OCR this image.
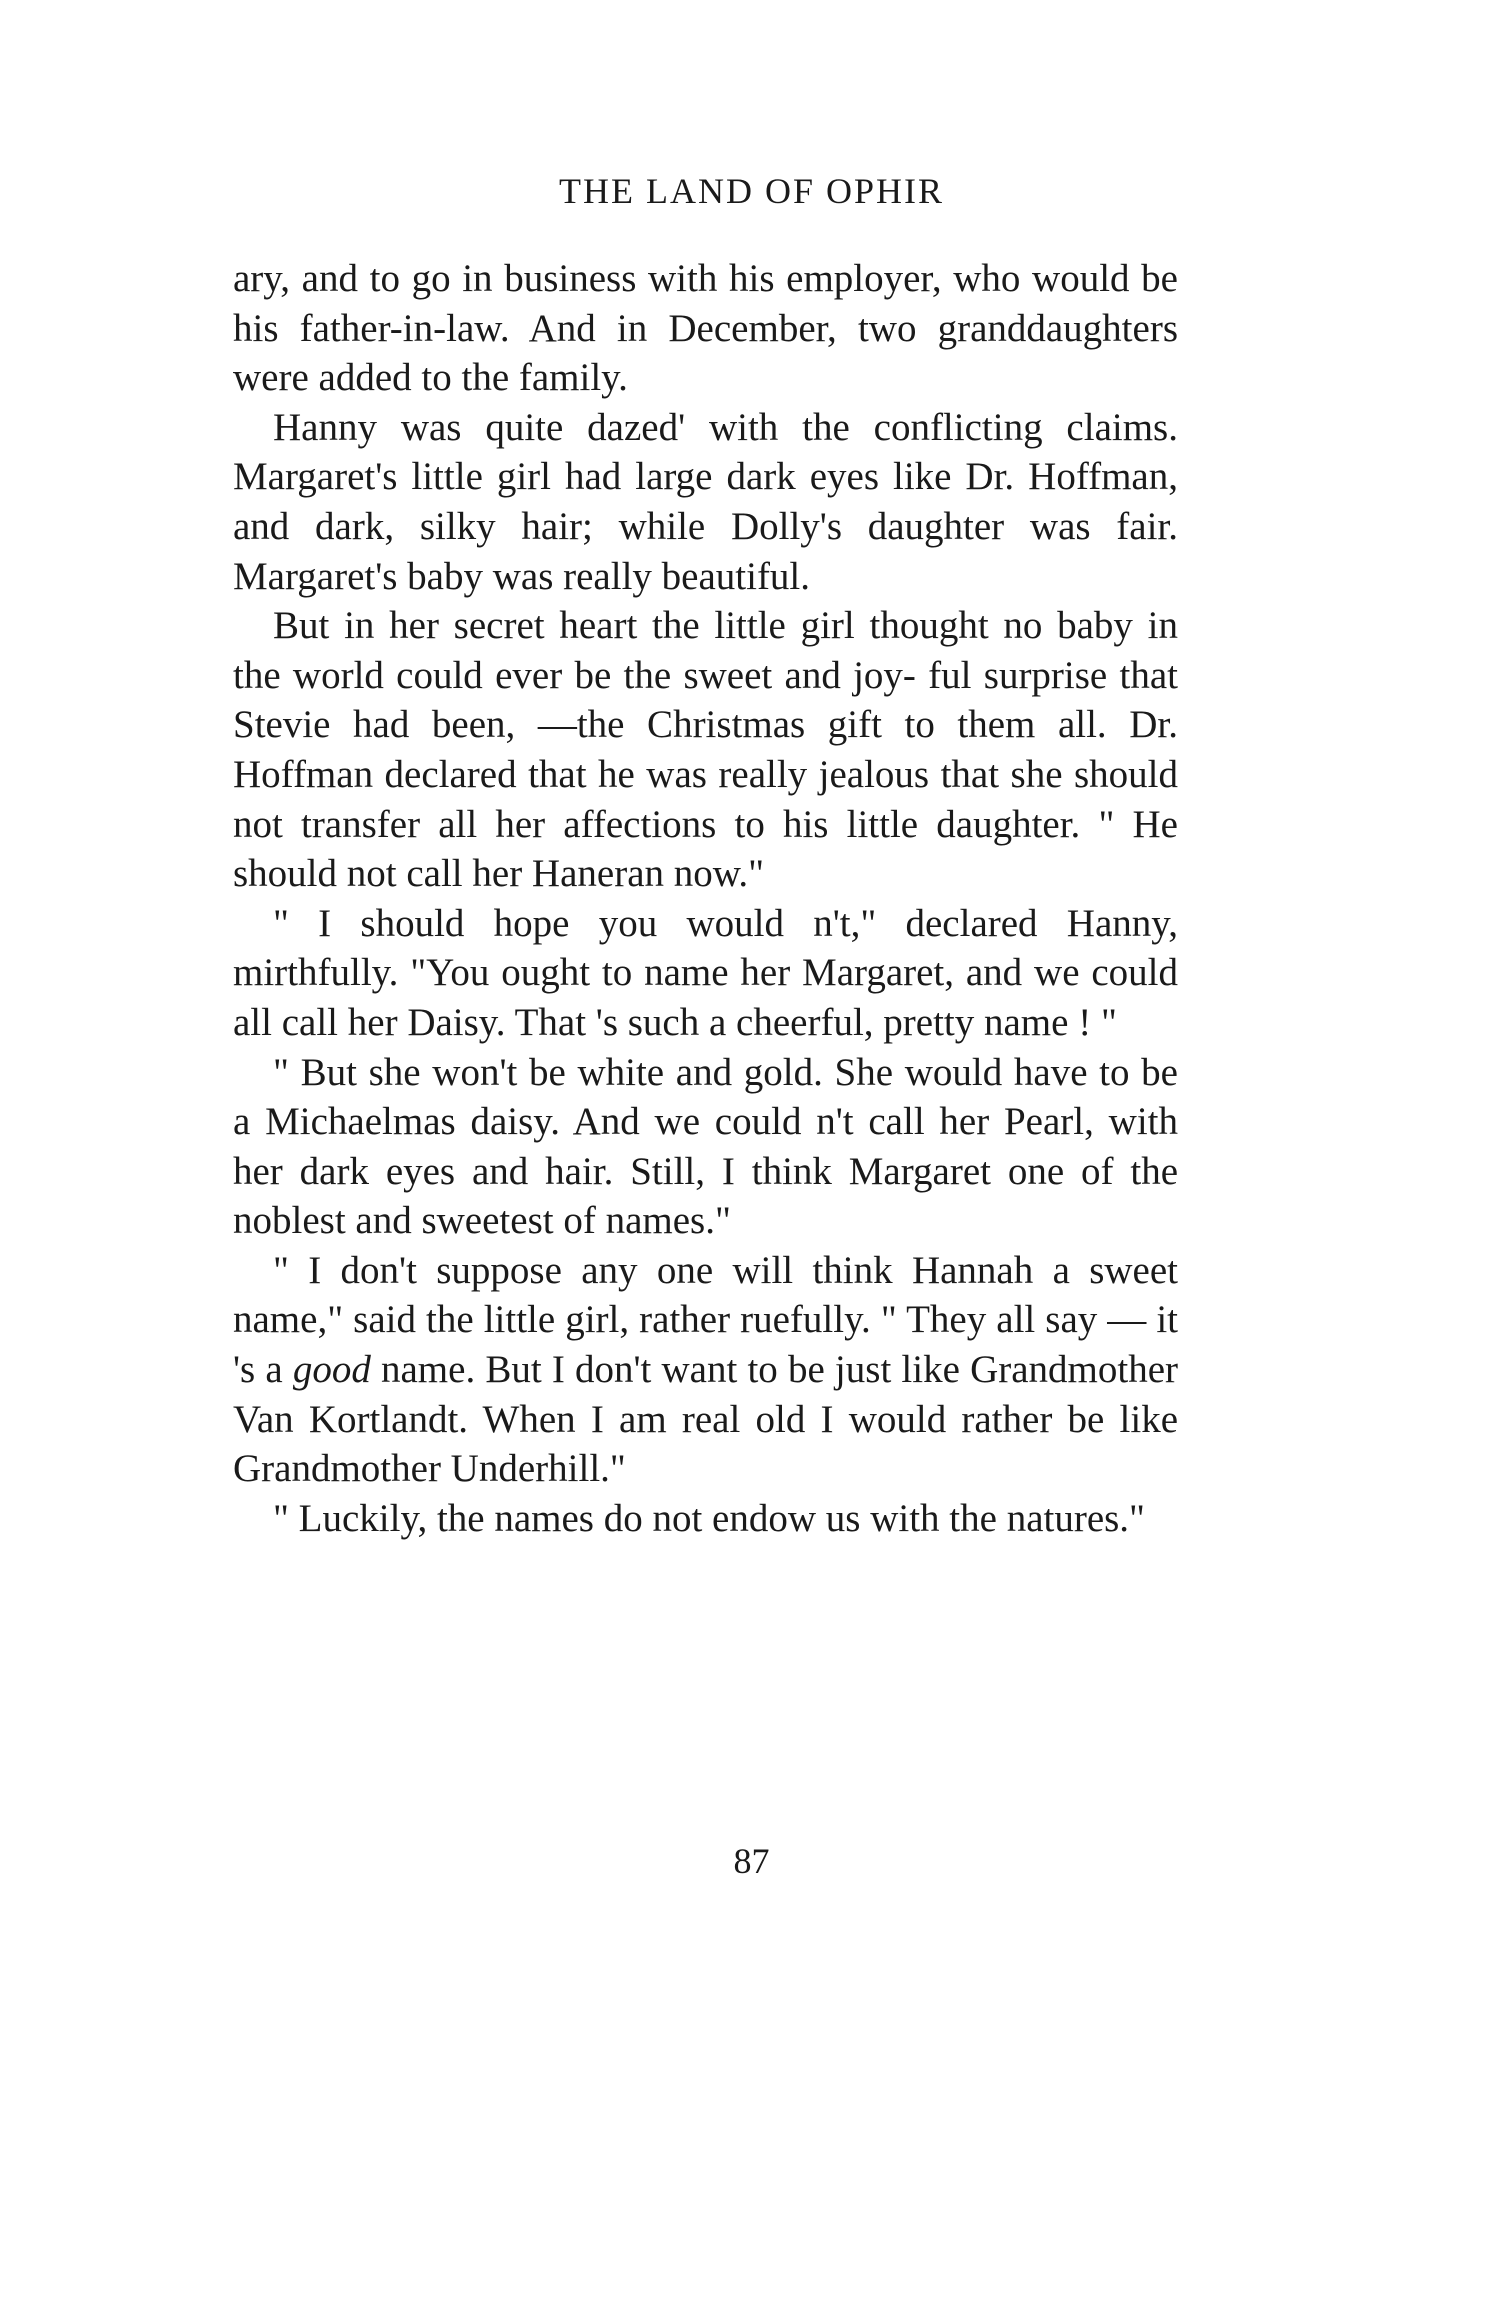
THE LAND OF OPHIR

ary, and to go in business with his employer, who would be his father-in-law. And in December, two granddaughters were added to the family.

Hanny was quite dazed' with the conflicting claims. Margaret's little girl had large dark eyes like Dr. Hoffman, and dark, silky hair; while Dolly's daughter was fair. Margaret's baby was really beautiful.

But in her secret heart the little girl thought no baby in the world could ever be the sweet and joy- ful surprise that Stevie had been, —the Christmas gift to them all. Dr. Hoffman declared that he was really jealous that she should not transfer all her affections to his little daughter. " He should not call her Haneran now."

" I should hope you would n't," declared Hanny, mirthfully. "You ought to name her Margaret, and we could all call her Daisy. That 's such a cheerful, pretty name ! "

" But she won't be white and gold. She would have to be a Michaelmas daisy. And we could n't call her Pearl, with her dark eyes and hair. Still, I think Margaret one of the noblest and sweetest of names."

" I don't suppose any one will think Hannah a sweet name," said the little girl, rather ruefully. " They all say — it 's a good name. But I don't want to be just like Grandmother Van Kortlandt. When I am real old I would rather be like Grandmother Underhill."

" Luckily, the names do not endow us with the natures."

87
